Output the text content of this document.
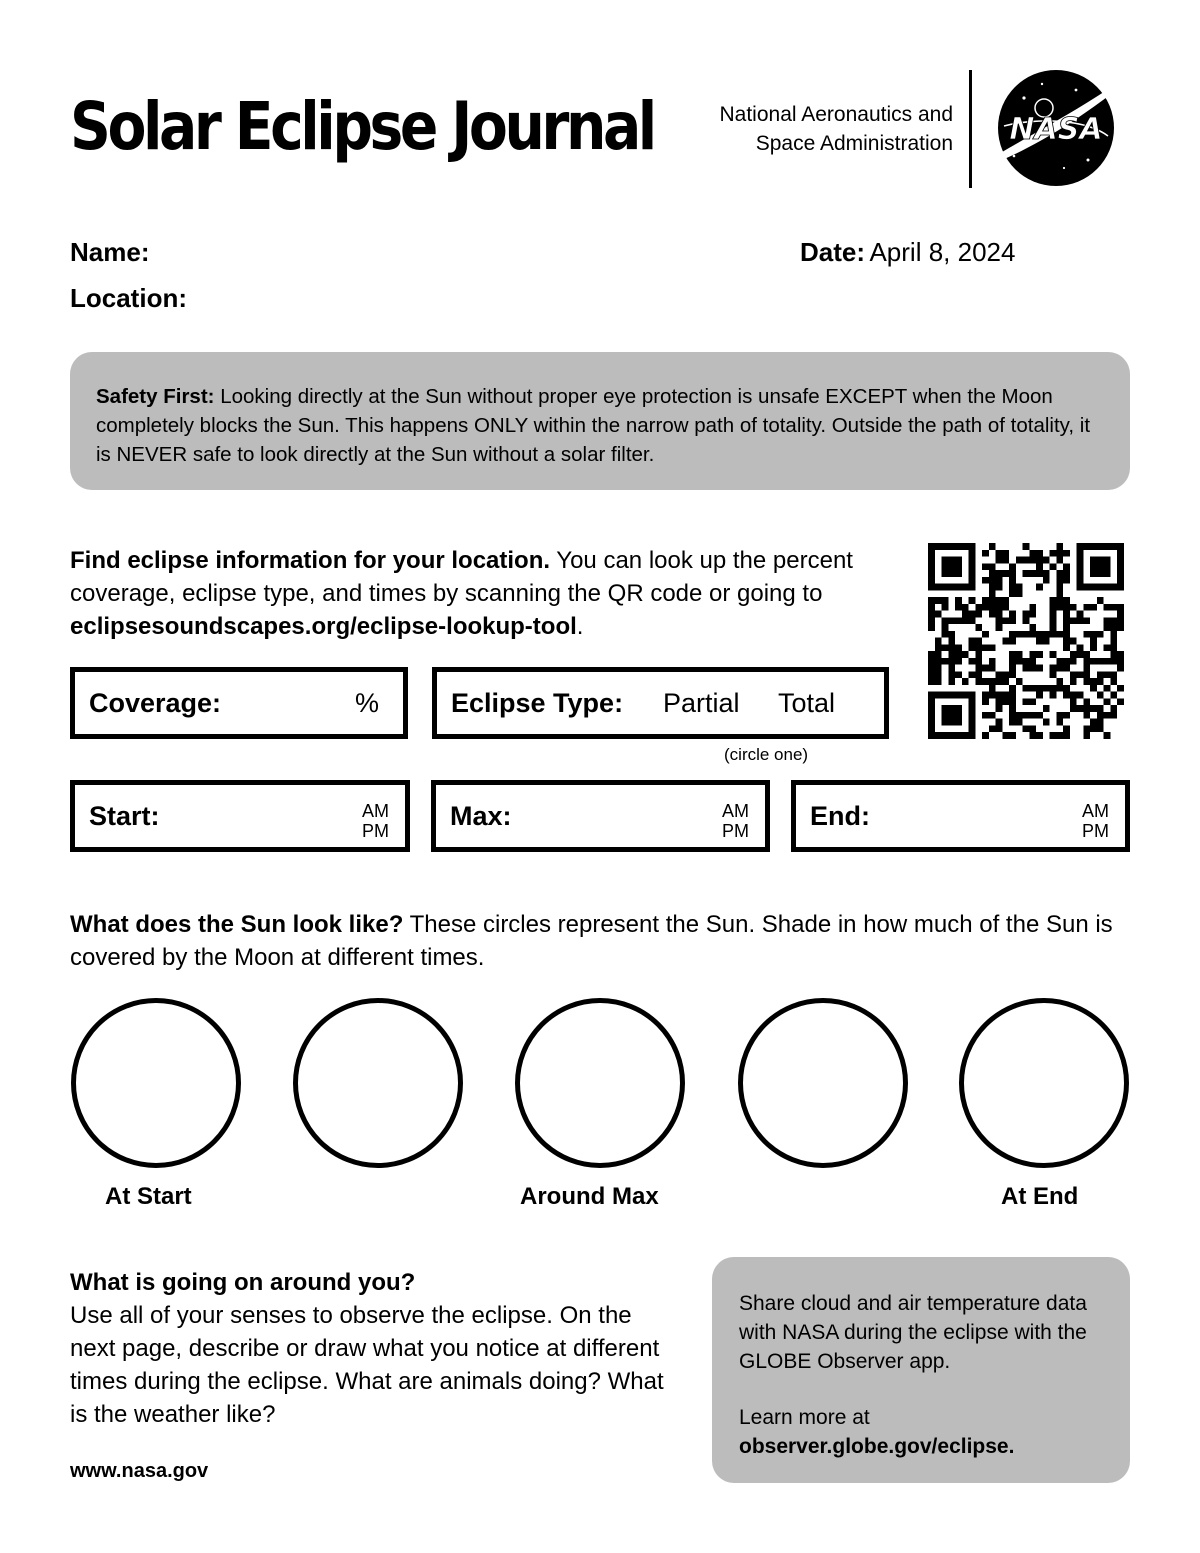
Solar Eclipse Journal	National Aeronautics and
Space Administration NASA
Name:
Location:
Date: April 8, 2024
Safety First: Looking directly at the Sun without proper eye protection is unsafe EXCEPT when the Moon completely blocks the Sun. This happens ONLY within the narrow path of totality. Outside the path of totality, it is NEVER safe to look directly at the Sun without a solar filter.
Find eclipse information for your location. You can look up the percent coverage, eclipse type, and times by scanning the QR code or going to eclipsesoundscapes.org/eclipse-lookup-tool.
Coverage:	%	Eclipse Type: Partial Total
(circle one)
Start:	AM
PM
Max:	AM
PM
End:	AM
PM
What does the Sun look like? These circles represent the Sun. Shade in how much of the Sun is covered by the Moon at different times.
At Start	Around Max	At End
What is going on around you?
Use all of your senses to observe the eclipse. On the next page, describe or draw what you notice at different times during the eclipse. What are animals doing? What is the weather like?
Share cloud and air temperature data with NASA during the eclipse with the GLOBE Observer app.
Learn more at
observer.globe.gov/eclipse.
www.nasa.gov
